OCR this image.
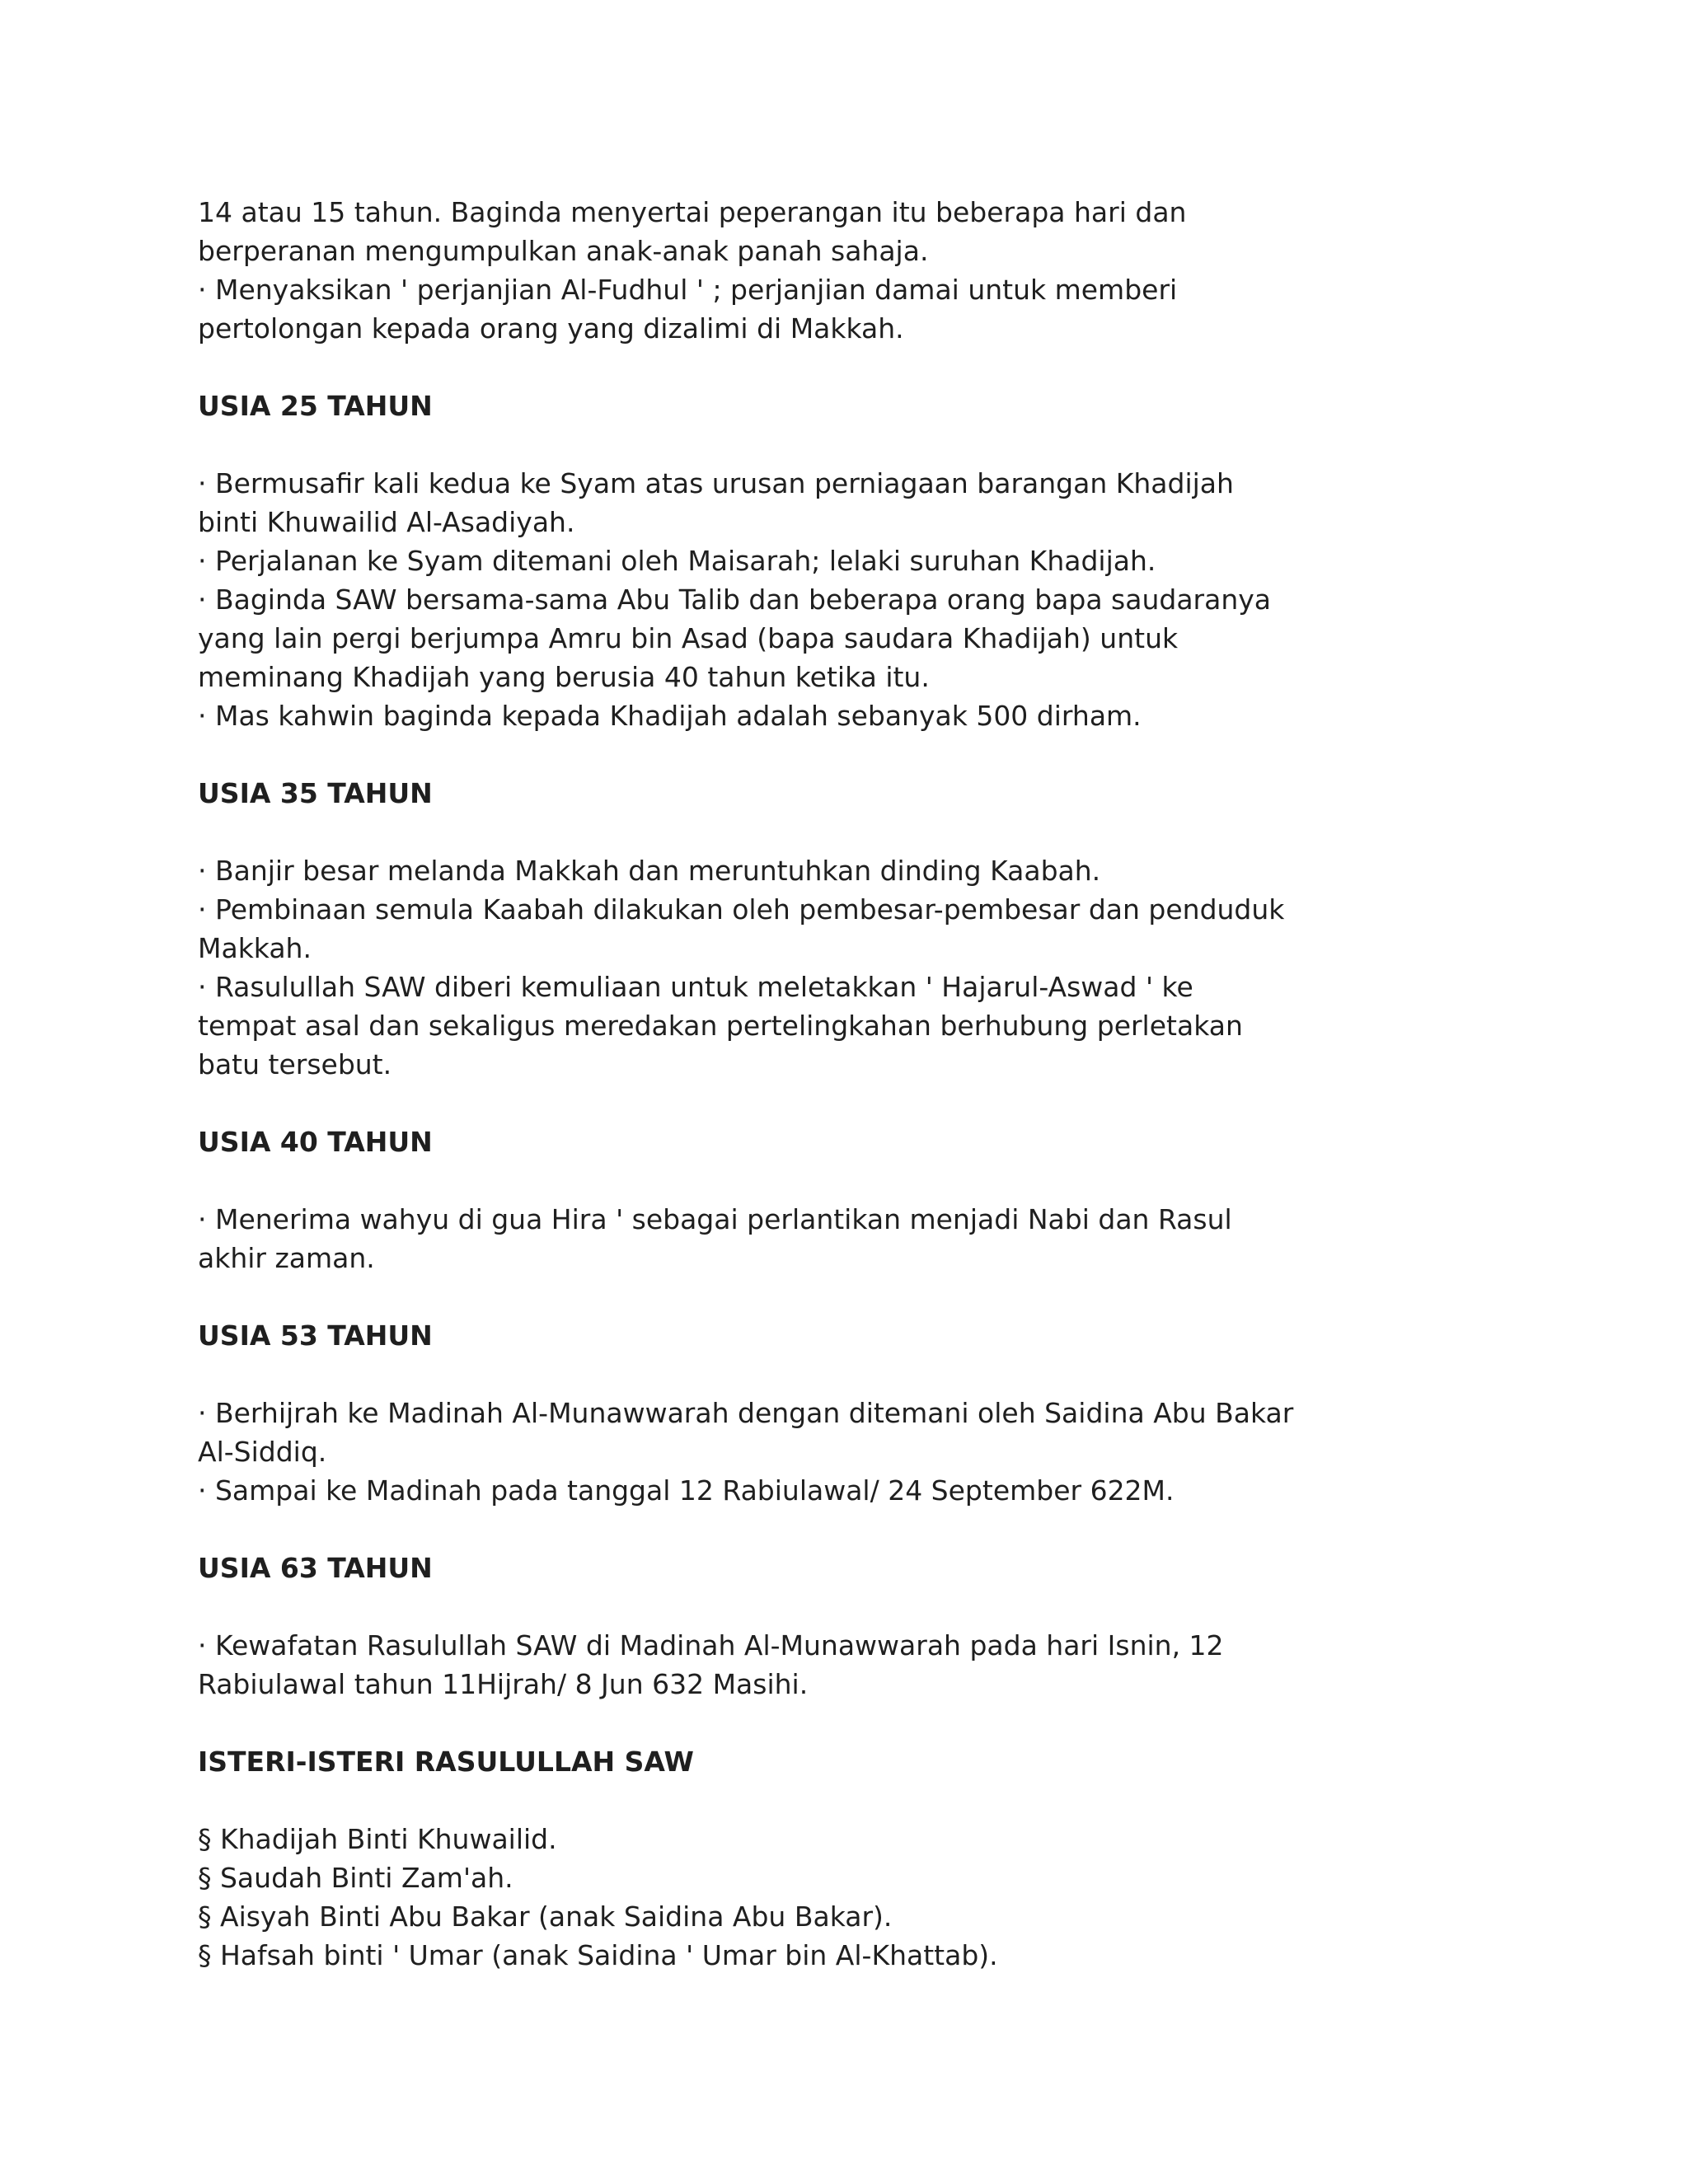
14 atau 15 tahun. Baginda menyertai peperangan itu beberapa hari dan
berperanan mengumpulkan anak-anak panah sahaja.
· Menyaksikan ' perjanjian Al-Fudhul ' ; perjanjian damai untuk memberi
pertolongan kepada orang yang dizalimi di Makkah.
USIA 25 TAHUN
· Bermusafir kali kedua ke Syam atas urusan perniagaan barangan Khadijah
binti Khuwailid Al-Asadiyah.
· Perjalanan ke Syam ditemani oleh Maisarah; lelaki suruhan Khadijah.
· Baginda SAW bersama-sama Abu Talib dan beberapa orang bapa saudaranya
yang lain pergi berjumpa Amru bin Asad (bapa saudara Khadijah) untuk
meminang Khadijah yang berusia 40 tahun ketika itu.
· Mas kahwin baginda kepada Khadijah adalah sebanyak 500 dirham.
USIA 35 TAHUN
· Banjir besar melanda Makkah dan meruntuhkan dinding Kaabah.
· Pembinaan semula Kaabah dilakukan oleh pembesar-pembesar dan penduduk
Makkah.
· Rasulullah SAW diberi kemuliaan untuk meletakkan ' Hajarul-Aswad ' ke
tempat asal dan sekaligus meredakan pertelingkahan berhubung perletakan
batu tersebut.
USIA 40 TAHUN
· Menerima wahyu di gua Hira ' sebagai perlantikan menjadi Nabi dan Rasul
akhir zaman.
USIA 53 TAHUN
· Berhijrah ke Madinah Al-Munawwarah dengan ditemani oleh Saidina Abu Bakar
Al-Siddiq.
· Sampai ke Madinah pada tanggal 12 Rabiulawal/ 24 September 622M.
USIA 63 TAHUN
· Kewafatan Rasulullah SAW di Madinah Al-Munawwarah pada hari Isnin, 12
Rabiulawal tahun 11Hijrah/ 8 Jun 632 Masihi.
ISTERI-ISTERI RASULULLAH SAW
§ Khadijah Binti Khuwailid.
§ Saudah Binti Zam'ah.
§ Aisyah Binti Abu Bakar (anak Saidina Abu Bakar).
§ Hafsah binti ' Umar (anak Saidina ' Umar bin Al-Khattab).
